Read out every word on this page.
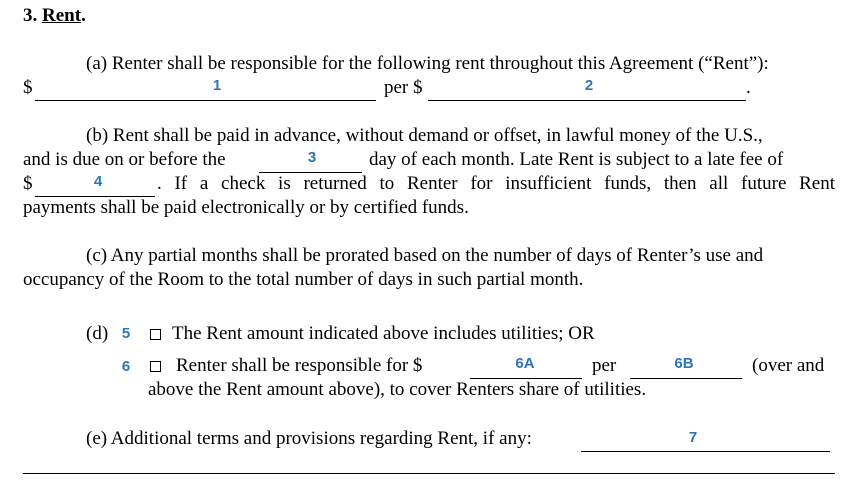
3. Rent.
(a) Renter shall be responsible for the following rent throughout this Agreement (“Rent”):
$	1	per $	2	.
(b) Rent shall be paid in advance, without demand or offset, in lawful money of the U.S.,
and is due on or before the	3	day of each month. Late Rent is subject to a late fee of
$	4	. If a check is returned to Renter for insufficient funds, then all future Rent
payments shall be paid electronically or by certified funds.
(c) Any partial months shall be prorated based on the number of days of Renter’s use and
occupancy of the Room to the total number of days in such partial month.
(d) 5 The Rent amount indicated above includes utilities; OR
6 Renter shall be responsible for $	6A	per	6B	(over and
above the Rent amount above), to cover Renters share of utilities.
(e) Additional terms and provisions regarding Rent, if any:	7
